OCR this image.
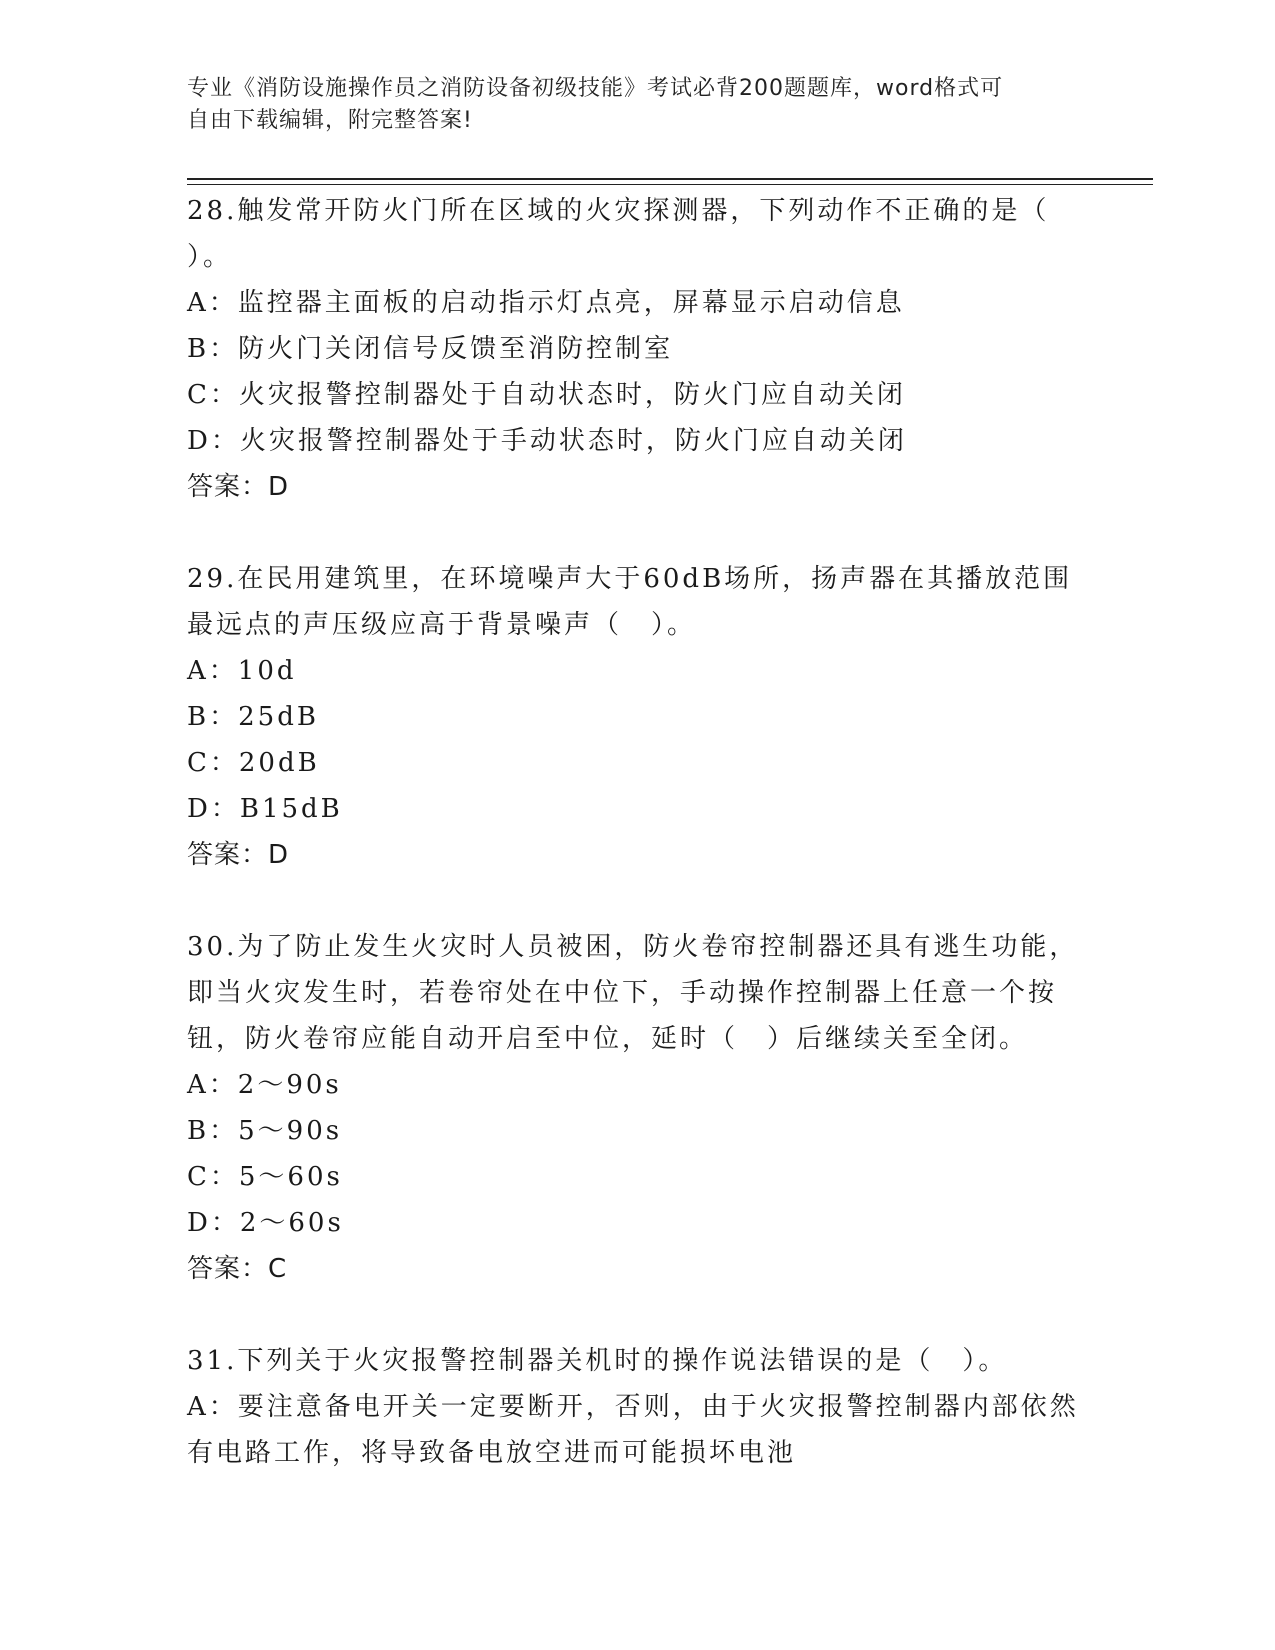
专业《消防设施操作员之消防设备初级技能》考试必背200题题库，word格式可
自由下载编辑，附完整答案!
28.触发常开防火门所在区域的火灾探测器，下列动作不正确的是（
）。
A：监控器主面板的启动指示灯点亮，屏幕显示启动信息
B：防火门关闭信号反馈至消防控制室
C：火灾报警控制器处于自动状态时，防火门应自动关闭
D：火灾报警控制器处于手动状态时，防火门应自动关闭
答案：D
29.在民用建筑里，在环境噪声大于60dB场所，扬声器在其播放范围
最远点的声压级应高于背景噪声（　）。
A：10d
B：25dB
C：20dB
D：B15dB
答案：D
30.为了防止发生火灾时人员被困，防火卷帘控制器还具有逃生功能，
即当火灾发生时，若卷帘处在中位下，手动操作控制器上任意一个按
钮，防火卷帘应能自动开启至中位，延时（　）后继续关至全闭。
A：2～90s
B：5～90s
C：5～60s
D：2～60s
答案：C
31.下列关于火灾报警控制器关机时的操作说法错误的是（　）。
A：要注意备电开关一定要断开，否则，由于火灾报警控制器内部依然
有电路工作，将导致备电放空进而可能损坏电池
